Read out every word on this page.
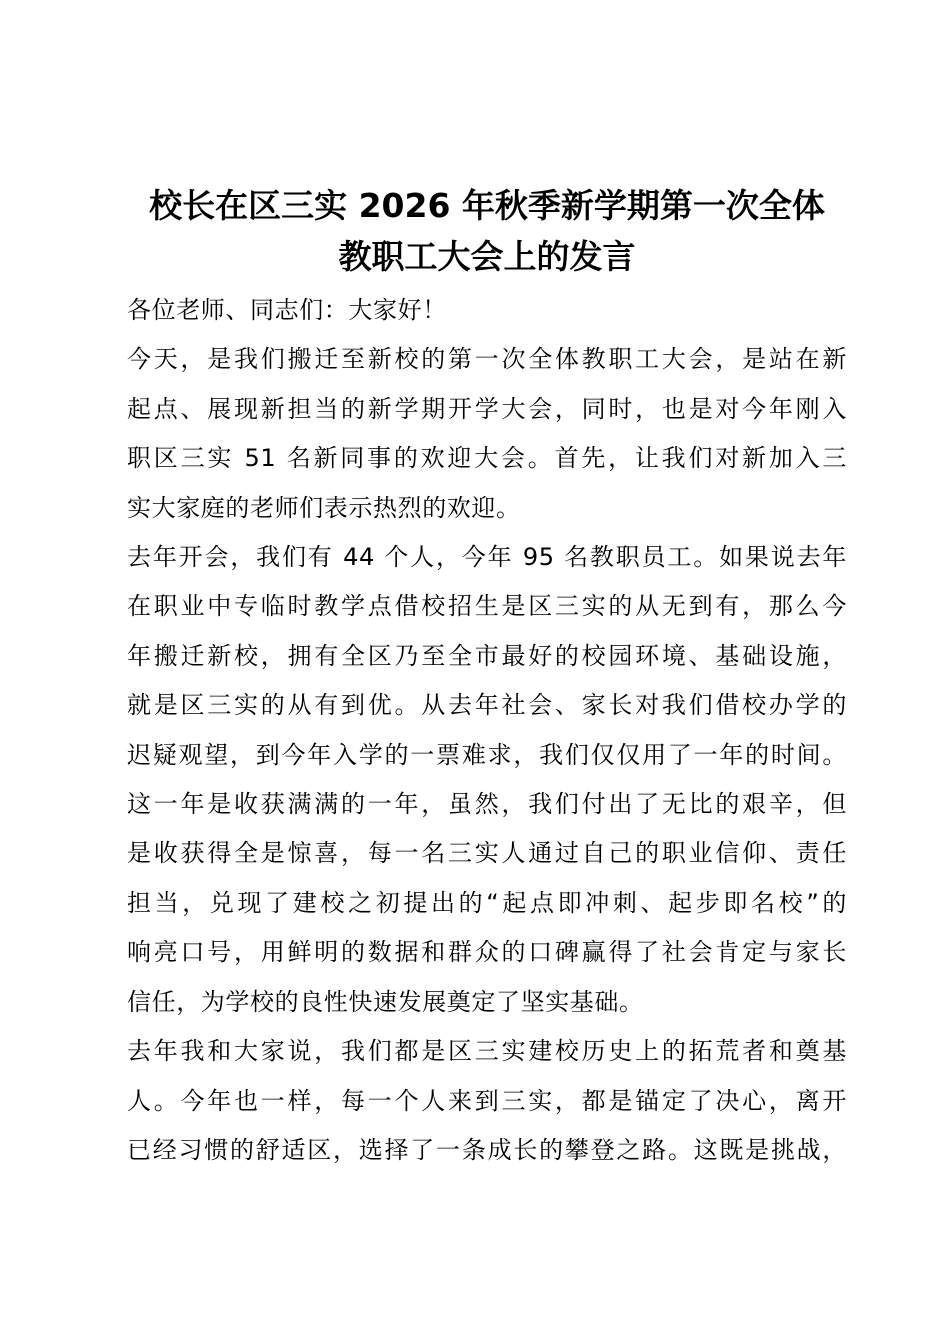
校长在区三实 2026 年秋季新学期第一次全体
教职工大会上的发言

各位老师、同志们：大家好！

今天，是我们搬迁至新校的第一次全体教职工大会，是站在新
起点、展现新担当的新学期开学大会，同时，也是对今年刚入
职区三实 51 名新同事的欢迎大会。首先，让我们对新加入三
实大家庭的老师们表示热烈的欢迎。

去年开会，我们有 44 个人，今年 95 名教职员工。如果说去年
在职业中专临时教学点借校招生是区三实的从无到有，那么今
年搬迁新校，拥有全区乃至全市最好的校园环境、基础设施，
就是区三实的从有到优。从去年社会、家长对我们借校办学的
迟疑观望，到今年入学的一票难求，我们仅仅用了一年的时间。
这一年是收获满满的一年，虽然，我们付出了无比的艰辛，但
是收获得全是惊喜，每一名三实人通过自己的职业信仰、责任
担当，兑现了建校之初提出的“起点即冲刺、起步即名校”的
响亮口号，用鲜明的数据和群众的口碑赢得了社会肯定与家长
信任，为学校的良性快速发展奠定了坚实基础。

去年我和大家说，我们都是区三实建校历史上的拓荒者和奠基
人。今年也一样，每一个人来到三实，都是锚定了决心，离开
已经习惯的舒适区，选择了一条成长的攀登之路。这既是挑战，
